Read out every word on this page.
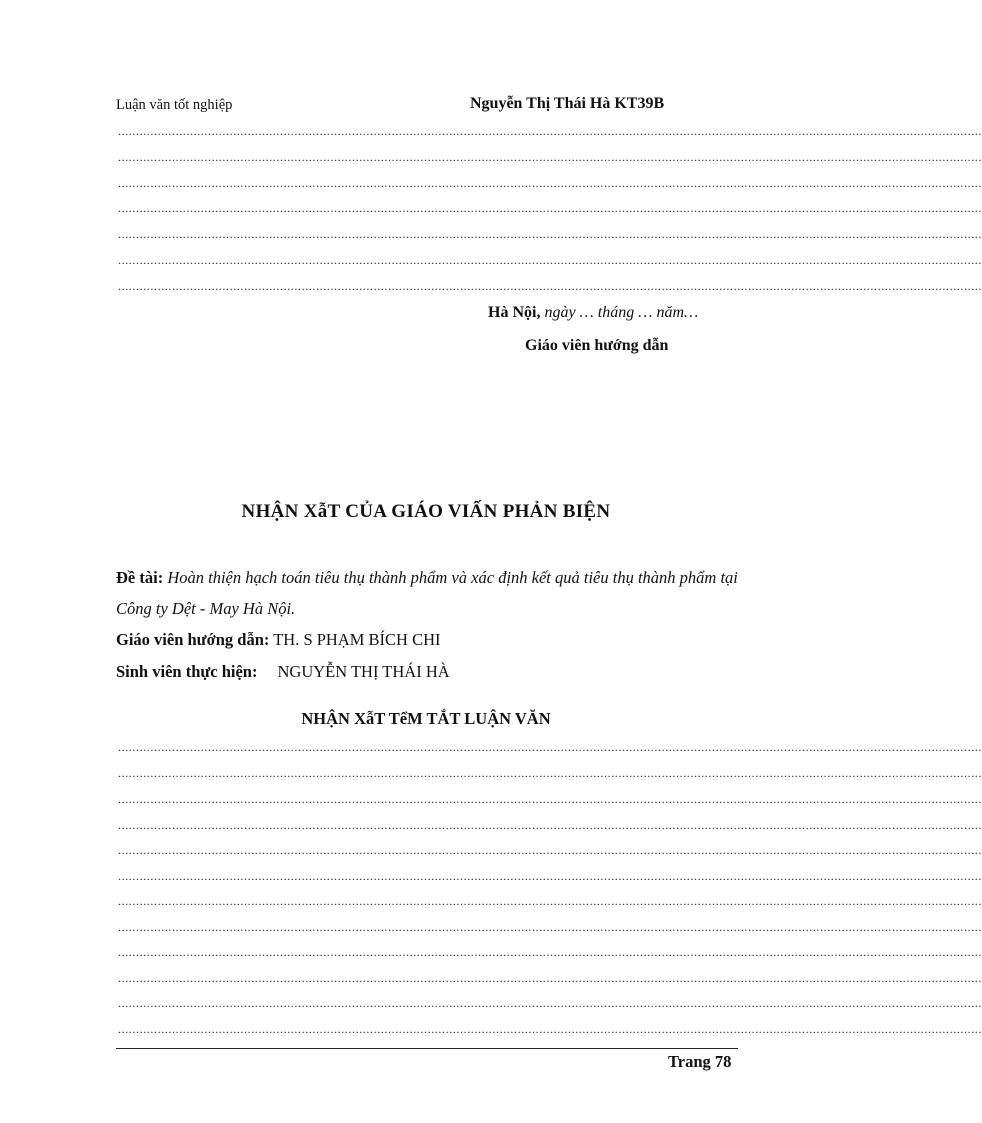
Luận văn tốt nghiệp	Nguyễn Thị Thái Hà KT39B
................................................................................................................................................................................................................................................
................................................................................................................................................................................................................................................
................................................................................................................................................................................................................................................
................................................................................................................................................................................................................................................
................................................................................................................................................................................................................................................
................................................................................................................................................................................................................................................
................................................................................................................................................................................................................................................
Hà Nội, ngày … tháng … năm…
Giáo viên hướng dẫn
NHẬN XẫT CỦA GIÁO VIẤN PHẢN BIỆN
Đề tài: Hoàn thiện hạch toán tiêu thụ thành phẩm và xác định kết quả tiêu thụ thành phẩm tại Công ty Dệt - May Hà Nội.
Giáo viên hướng dẫn: TH. S PHẠM BÍCH CHI
Sinh viên thực hiện: NGUYỄN THỊ THÁI HÀ
NHẬN XẫT TểM TẮT LUẬN VĂN
................................................................................................................................................................................................................................................
................................................................................................................................................................................................................................................
................................................................................................................................................................................................................................................
................................................................................................................................................................................................................................................
................................................................................................................................................................................................................................................
................................................................................................................................................................................................................................................
................................................................................................................................................................................................................................................
................................................................................................................................................................................................................................................
................................................................................................................................................................................................................................................
................................................................................................................................................................................................................................................
................................................................................................................................................................................................................................................
................................................................................................................................................................................................................................................
Trang 78
